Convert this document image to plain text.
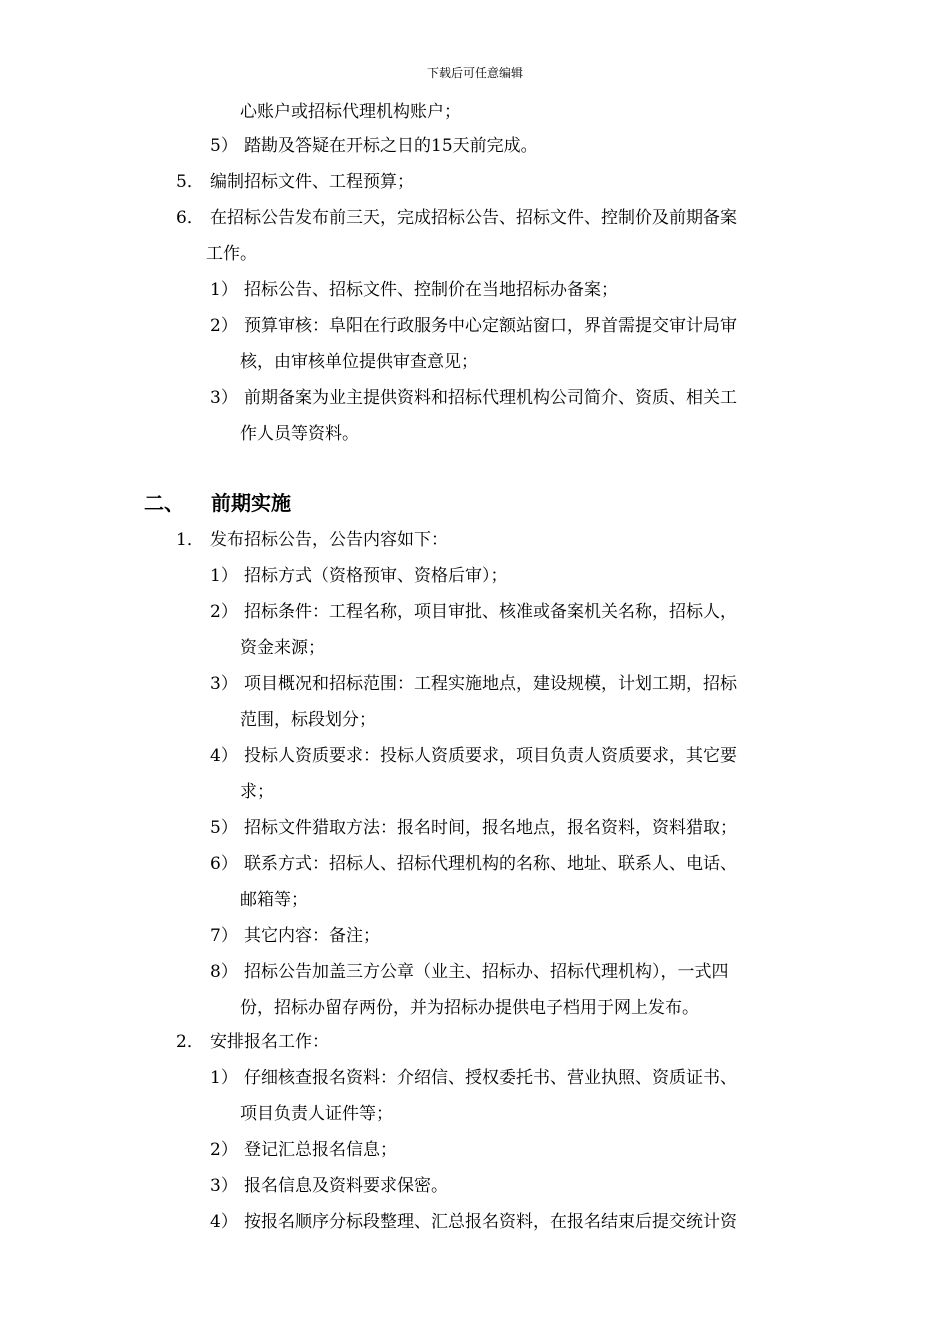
下载后可任意编辑
心账户或招标代理机构账户；
5） 踏勘及答疑在开标之日的15天前完成。
5． 编制招标文件、工程预算；
6． 在招标公告发布前三天，完成招标公告、招标文件、控制价及前期备案
工作。
1） 招标公告、招标文件、控制价在当地招标办备案；
2） 预算审核：阜阳在行政服务中心定额站窗口，界首需提交审计局审
核，由审核单位提供审查意见；
3） 前期备案为业主提供资料和招标代理机构公司简介、资质、相关工
作人员等资料。
二、 前期实施
1． 发布招标公告，公告内容如下：
1） 招标方式（资格预审、资格后审）；
2） 招标条件：工程名称，项目审批、核准或备案机关名称，招标人，
资金来源；
3） 项目概况和招标范围：工程实施地点，建设规模，计划工期，招标
范围，标段划分；
4） 投标人资质要求：投标人资质要求，项目负责人资质要求，其它要
求；
5） 招标文件猎取方法：报名时间，报名地点，报名资料，资料猎取；
6） 联系方式：招标人、招标代理机构的名称、地址、联系人、电话、
邮箱等；
7） 其它内容：备注；
8） 招标公告加盖三方公章（业主、招标办、招标代理机构），一式四
份，招标办留存两份，并为招标办提供电子档用于网上发布。
2． 安排报名工作：
1） 仔细核查报名资料：介绍信、授权委托书、营业执照、资质证书、
项目负责人证件等；
2） 登记汇总报名信息；
3） 报名信息及资料要求保密。
4） 按报名顺序分标段整理、汇总报名资料，在报名结束后提交统计资
